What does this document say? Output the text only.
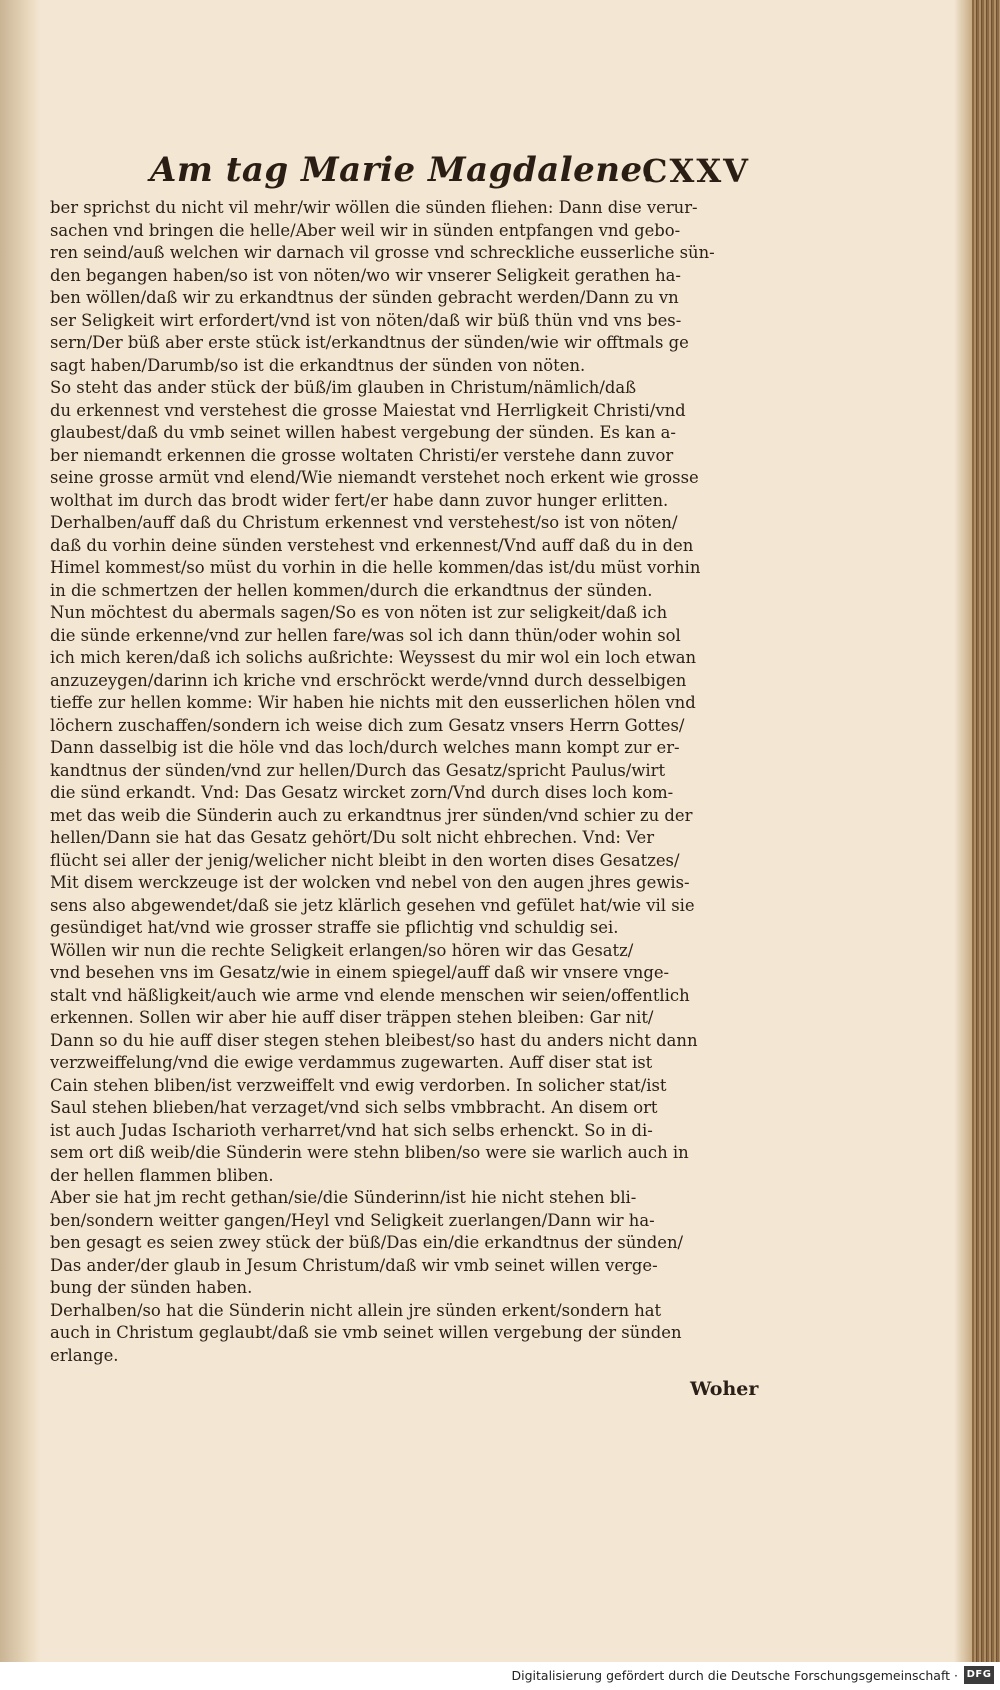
Am tag Marie Magdalene.
CXXV
ber sprichst du nicht vil mehr/wir wöllen die sünden fliehen: Dann dise verur-
sachen vnd bringen die helle/Aber weil wir in sünden entpfangen vnd gebo-
ren seind/auß welchen wir darnach vil grosse vnd schreckliche eusserliche sün-
den begangen haben/so ist von nöten/wo wir vnserer Seligkeit gerathen ha-
ben wöllen/daß wir zu erkandtnus der sünden gebracht werden/Dann zu vn
ser Seligkeit wirt erfordert/vnd ist von nöten/daß wir büß thün vnd vns bes-
sern/Der büß aber erste stück ist/erkandtnus der sünden/wie wir offtmals ge
sagt haben/Darumb/so ist die erkandtnus der sünden von nöten.
So steht das ander stück der büß/im glauben in Christum/nämlich/daß
du erkennest vnd verstehest die grosse Maiestat vnd Herrligkeit Christi/vnd
glaubest/daß du vmb seinet willen habest vergebung der sünden. Es kan a-
ber niemandt erkennen die grosse woltaten Christi/er verstehe dann zuvor
seine grosse armüt vnd elend/Wie niemandt verstehet noch erkent wie grosse
wolthat im durch das brodt wider fert/er habe dann zuvor hunger erlitten.
Derhalben/auff daß du Christum erkennest vnd verstehest/so ist von nöten/
daß du vorhin deine sünden verstehest vnd erkennest/Vnd auff daß du in den
Himel kommest/so müst du vorhin in die helle kommen/das ist/du müst vorhin
in die schmertzen der hellen kommen/durch die erkandtnus der sünden.
Nun möchtest du abermals sagen/So es von nöten ist zur seligkeit/daß ich
die sünde erkenne/vnd zur hellen fare/was sol ich dann thün/oder wohin sol
ich mich keren/daß ich solichs außrichte: Weyssest du mir wol ein loch etwan
anzuzeygen/darinn ich kriche vnd erschröckt werde/vnnd durch desselbigen
tieffe zur hellen komme: Wir haben hie nichts mit den eusserlichen hölen vnd
löchern zuschaffen/sondern ich weise dich zum Gesatz vnsers Herrn Gottes/
Dann dasselbig ist die höle vnd das loch/durch welches mann kompt zur er-
kandtnus der sünden/vnd zur hellen/Durch das Gesatz/spricht Paulus/wirt
die sünd erkandt. Vnd: Das Gesatz wircket zorn/Vnd durch dises loch kom-
met das weib die Sünderin auch zu erkandtnus jrer sünden/vnd schier zu der
hellen/Dann sie hat das Gesatz gehört/Du solt nicht ehbrechen. Vnd: Ver
flücht sei aller der jenig/welicher nicht bleibt in den worten dises Gesatzes/
Mit disem werckzeuge ist der wolcken vnd nebel von den augen jhres gewis-
sens also abgewendet/daß sie jetz klärlich gesehen vnd gefület hat/wie vil sie
gesündiget hat/vnd wie grosser straffe sie pflichtig vnd schuldig sei.
Wöllen wir nun die rechte Seligkeit erlangen/so hören wir das Gesatz/
vnd besehen vns im Gesatz/wie in einem spiegel/auff daß wir vnsere vnge-
stalt vnd häßligkeit/auch wie arme vnd elende menschen wir seien/offentlich
erkennen. Sollen wir aber hie auff diser träppen stehen bleiben: Gar nit/
Dann so du hie auff diser stegen stehen bleibest/so hast du anders nicht dann
verzweiffelung/vnd die ewige verdammus zugewarten. Auff diser stat ist
Cain stehen bliben/ist verzweiffelt vnd ewig verdorben. In solicher stat/ist
Saul stehen blieben/hat verzaget/vnd sich selbs vmbbracht. An disem ort
ist auch Judas Ischarioth verharret/vnd hat sich selbs erhenckt. So in di-
sem ort diß weib/die Sünderin were stehn bliben/so were sie warlich auch in
der hellen flammen bliben.
Aber sie hat jm recht gethan/sie/die Sünderinn/ist hie nicht stehen bli-
ben/sondern weitter gangen/Heyl vnd Seligkeit zuerlangen/Dann wir ha-
ben gesagt es seien zwey stück der büß/Das ein/die erkandtnus der sünden/
Das ander/der glaub in Jesum Christum/daß wir vmb seinet willen verge-
bung der sünden haben.
Derhalben/so hat die Sünderin nicht allein jre sünden erkent/sondern hat
auch in Christum geglaubt/daß sie vmb seinet willen vergebung der sünden
erlange.
Woher
Digitalisierung gefördert durch die Deutsche Forschungsgemeinschaft · DFG
